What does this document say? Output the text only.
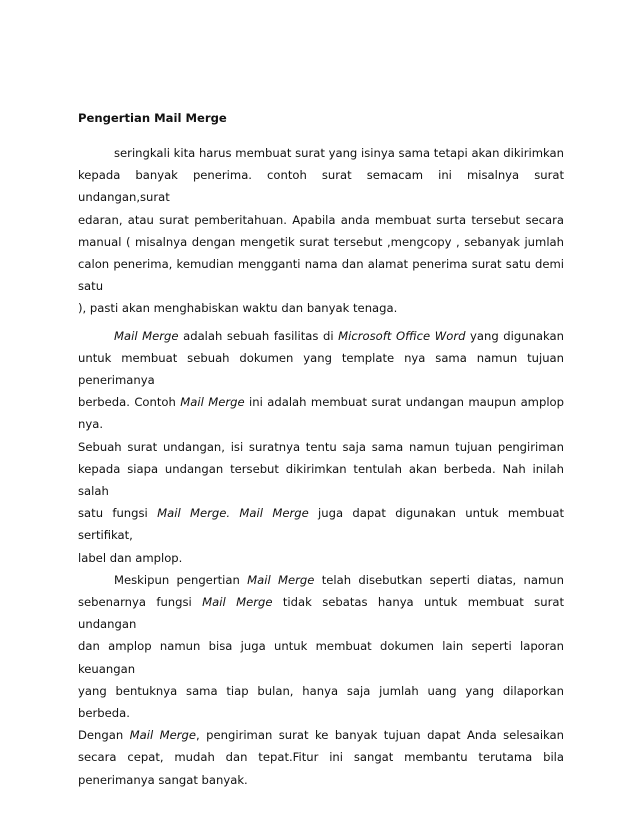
Pengertian Mail Merge
seringkali kita harus membuat surat yang isinya sama tetapi akan dikirimkan
kepada banyak penerima. contoh surat semacam ini misalnya surat undangan,surat
edaran, atau surat pemberitahuan. Apabila anda membuat surta tersebut secara
manual ( misalnya dengan mengetik surat tersebut ,mengcopy , sebanyak jumlah
calon penerima, kemudian mengganti nama dan alamat penerima surat satu demi satu
), pasti akan menghabiskan waktu dan banyak tenaga.
Mail Merge adalah sebuah fasilitas di Microsoft Office Word yang digunakan
untuk membuat sebuah dokumen yang template nya sama namun tujuan penerimanya
berbeda. Contoh Mail Merge ini adalah membuat surat undangan maupun amplop nya.
Sebuah surat undangan, isi suratnya tentu saja sama namun tujuan pengiriman
kepada siapa undangan tersebut dikirimkan tentulah akan berbeda. Nah inilah salah
satu fungsi Mail Merge. Mail Merge juga dapat digunakan untuk membuat sertifikat,
label dan amplop.
Meskipun pengertian Mail Merge telah disebutkan seperti diatas, namun
sebenarnya fungsi Mail Merge tidak sebatas hanya untuk membuat surat undangan
dan amplop namun bisa juga untuk membuat dokumen lain seperti laporan keuangan
yang bentuknya sama tiap bulan, hanya saja jumlah uang yang dilaporkan berbeda.
Dengan Mail Merge, pengiriman surat ke banyak tujuan dapat Anda selesaikan
secara cepat, mudah dan tepat.Fitur ini sangat membantu terutama bila
penerimanya sangat banyak.
